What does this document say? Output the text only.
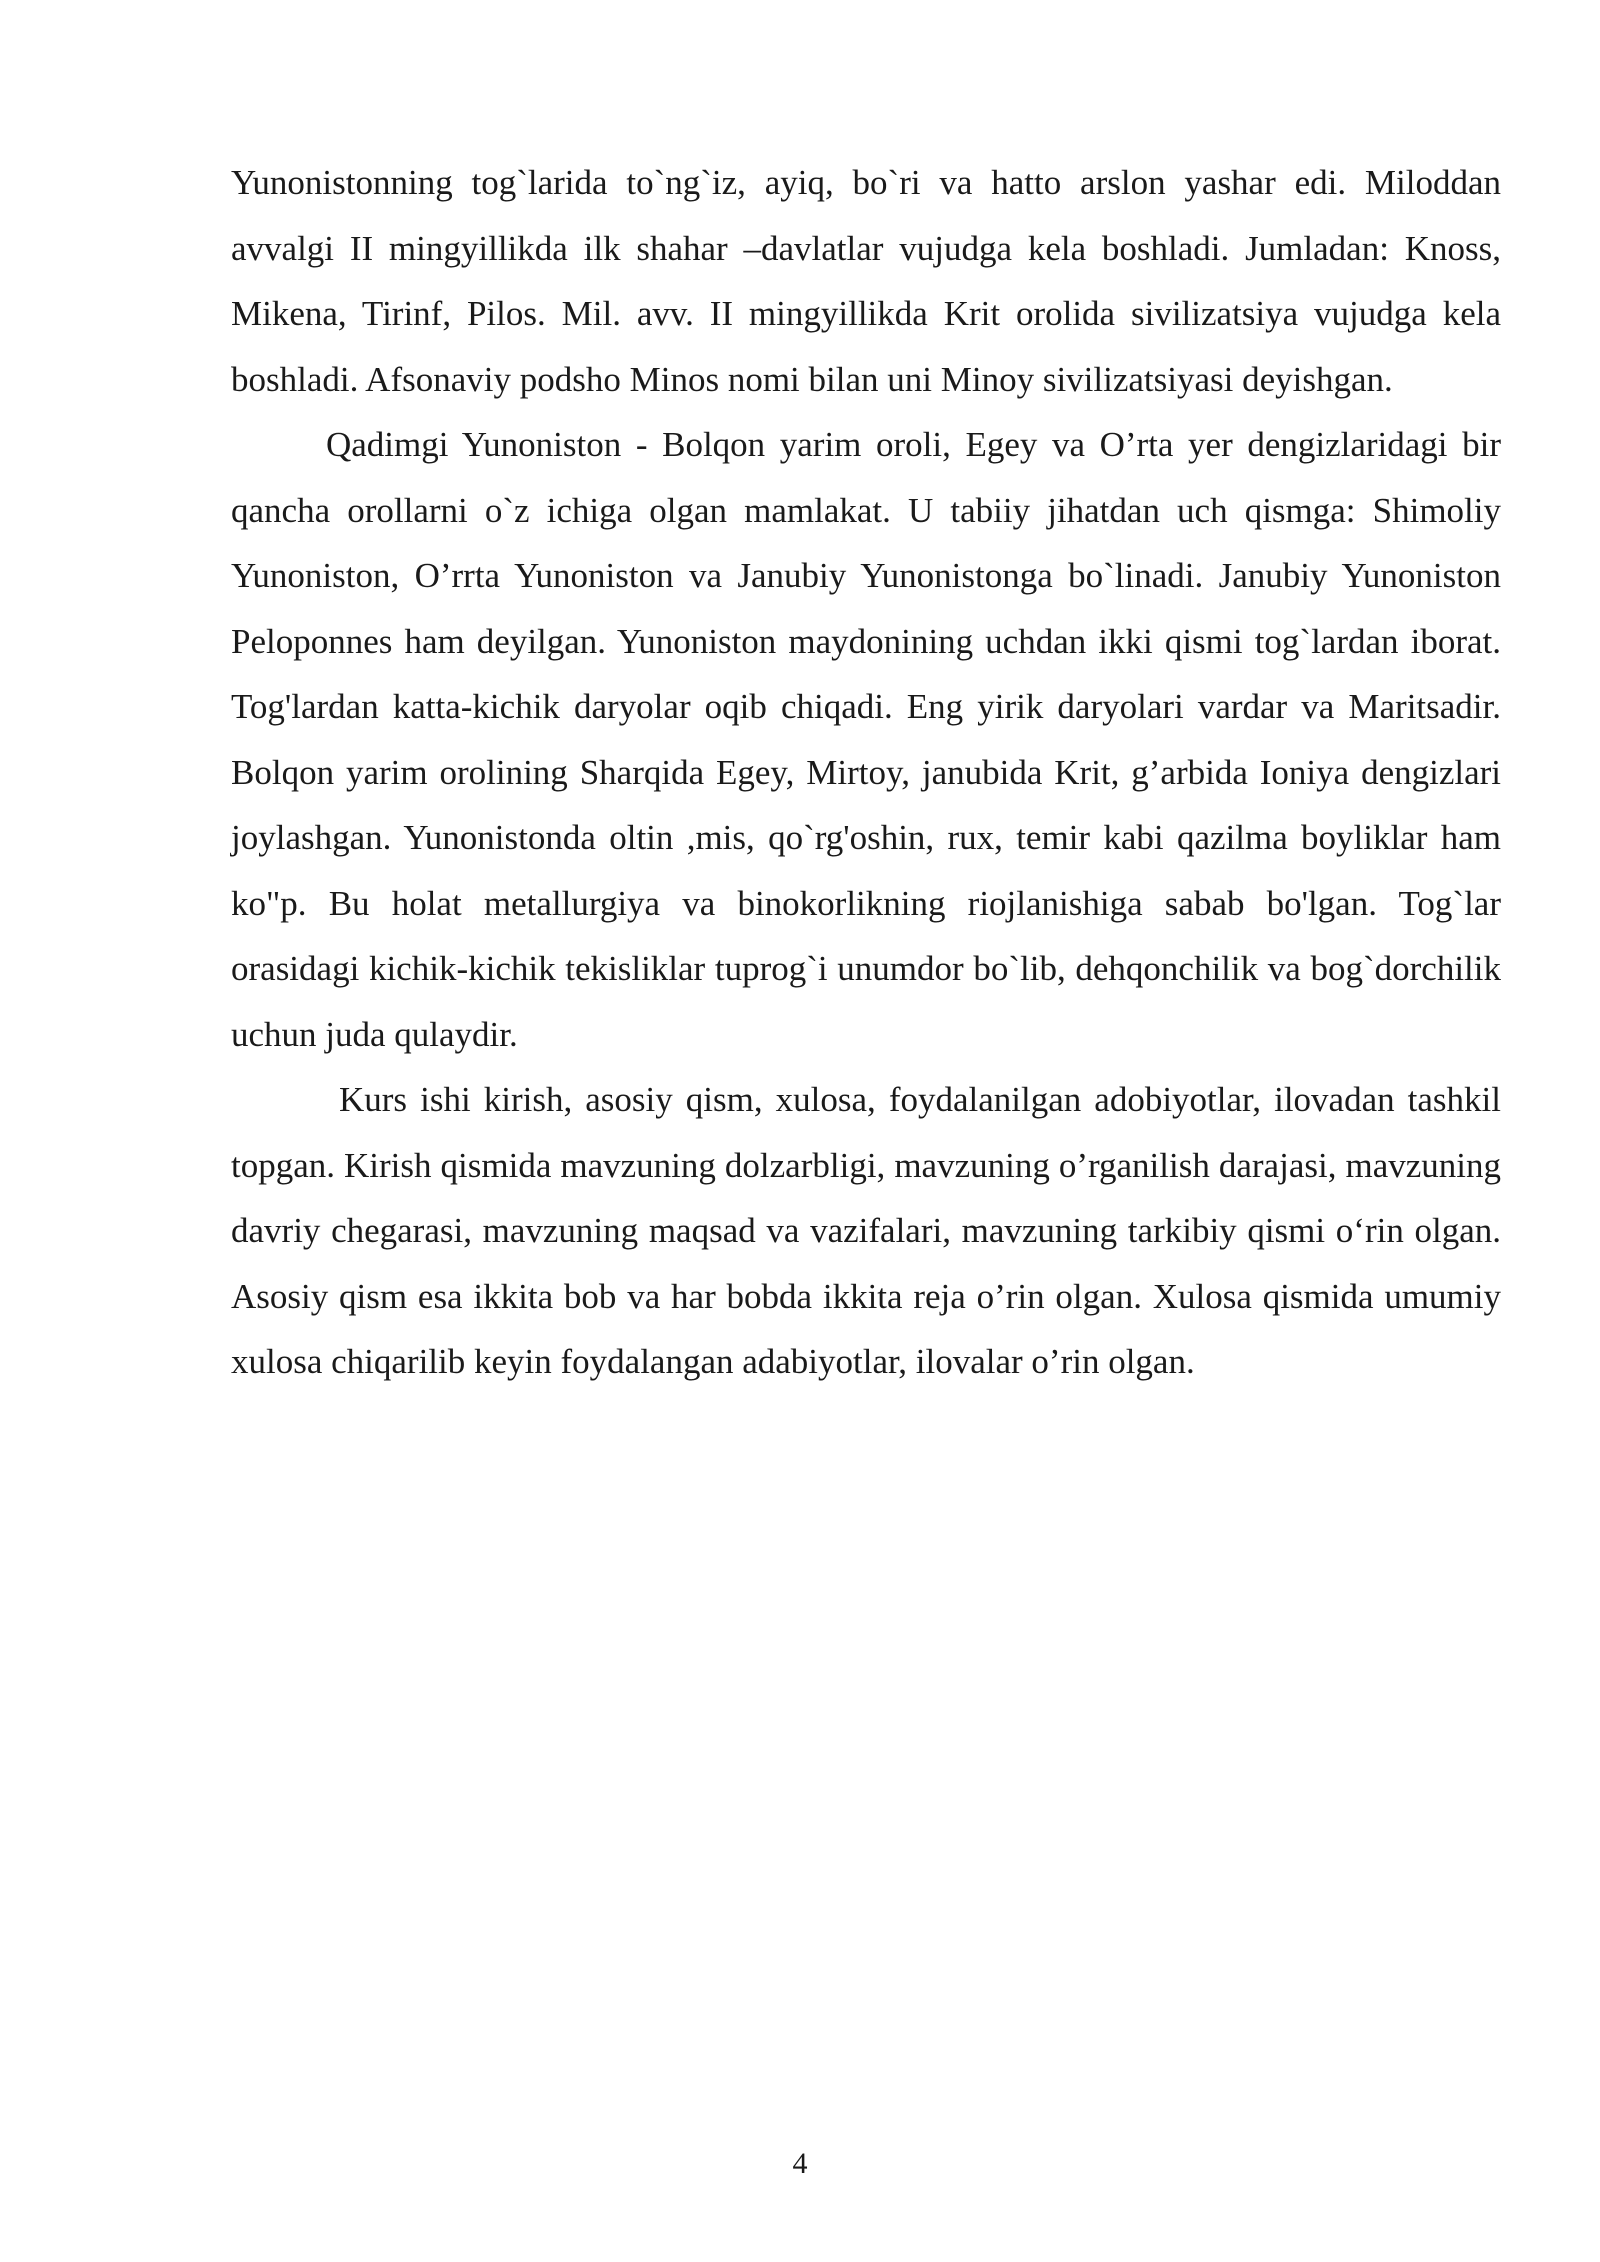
Yunonistonning tog`larida to`ng`iz, ayiq, bo`ri va hatto arslon yashar edi. Miloddan avvalgi II mingyillikda ilk shahar –davlatlar vujudga kela boshladi. Jumladan: Knoss, Mikena, Tirinf, Pilos. Mil. avv. II mingyillikda Krit orolida sivilizatsiya vujudga kela boshladi. Afsonaviy podsho Minos nomi bilan uni Minoy sivilizatsiyasi deyishgan.

Qadimgi Yunoniston - Bolqon yarim oroli, Egey va O’rta yer dengizlaridagi bir qancha orollarni o`z ichiga olgan mamlakat. U tabiiy jihatdan uch qismga: Shimoliy Yunoniston, O’rrta Yunoniston va Janubiy Yunonistonga bo`linadi. Janubiy Yunoniston Peloponnes ham deyilgan. Yunoniston maydonining uchdan ikki qismi tog`lardan iborat. Tog'lardan katta-kichik daryolar oqib chiqadi. Eng yirik daryolari vardar va Maritsadir. Bolqon yarim orolining Sharqida Egey, Mirtoy, janubida Krit, g’arbida Ioniya dengizlari joylashgan. Yunonistonda oltin ,mis, qo`rg'oshin, rux, temir kabi qazilma boyliklar ham ko"p. Bu holat metallurgiya va binokorlikning riojlanishiga sabab bo'lgan. Tog`lar orasidagi kichik-kichik tekisliklar tuprog`i unumdor bo`lib, dehqonchilik va bog`dorchilik uchun juda qulaydir.

Kurs ishi kirish, asosiy qism, xulosa, foydalanilgan adobiyotlar, ilovadan tashkil topgan. Kirish qismida mavzuning dolzarbligi, mavzuning o’rganilish darajasi, mavzuning davriy chegarasi, mavzuning maqsad va vazifalari, mavzuning tarkibiy qismi o‘rin olgan. Asosiy qism esa ikkita bob va har bobda ikkita reja o’rin olgan. Xulosa qismida umumiy xulosa chiqarilib keyin foydalangan adabiyotlar, ilovalar o’rin olgan.

4
